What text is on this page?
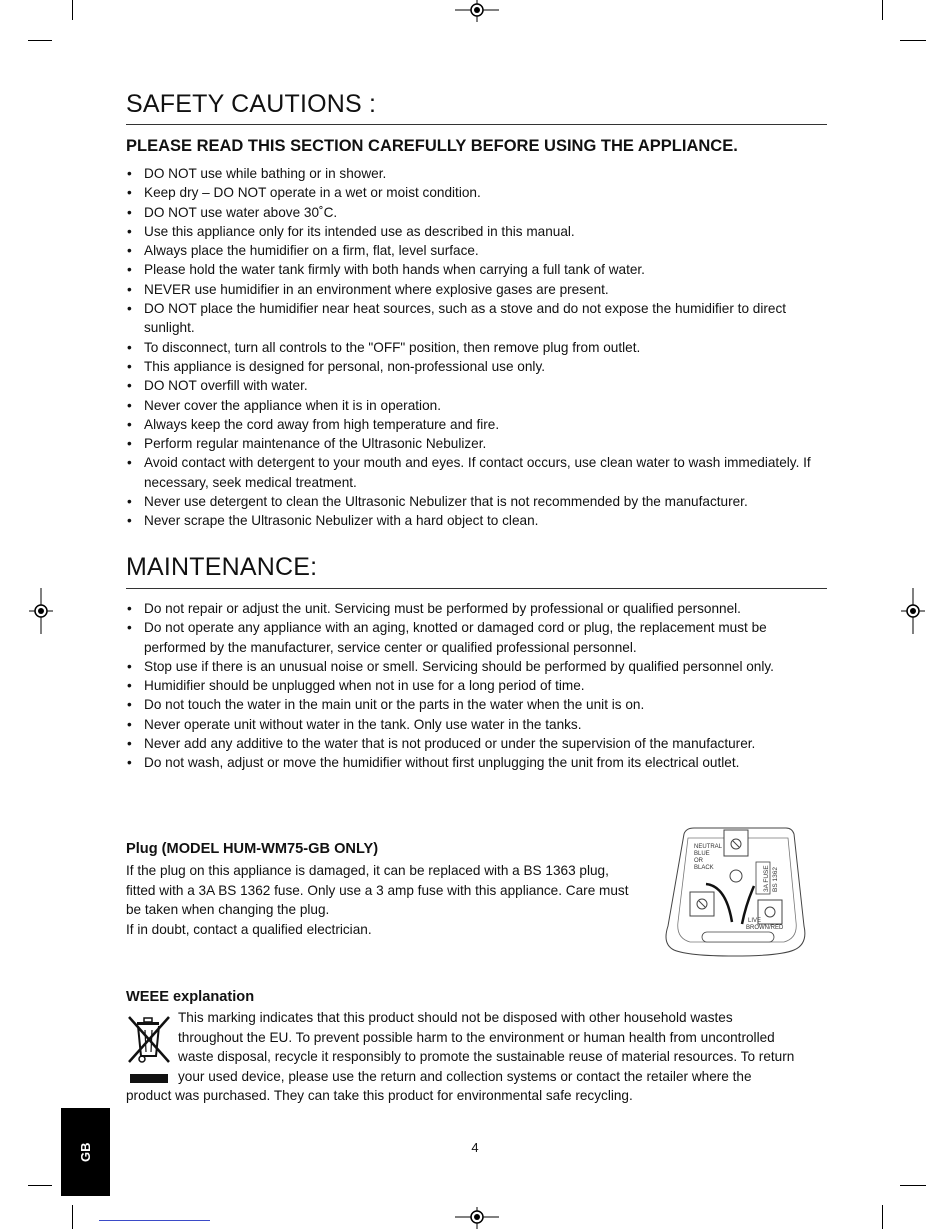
SAFETY CAUTIONS :
PLEASE READ THIS SECTION CAREFULLY BEFORE USING THE APPLIANCE.
• DO NOT use while bathing or in shower.
• Keep dry – DO NOT operate in a wet or moist condition.
• DO NOT use water above 30˚C.
• Use this appliance only for its intended use as described in this manual.
• Always place the humidifier on a firm, flat, level surface.
• Please hold the water tank firmly with both hands when carrying a full tank of water.
• NEVER use humidifier in an environment where explosive gases are present.
• DO NOT place the humidifier near heat sources, such as a stove and do not expose the humidifier to direct sunlight.
• To disconnect, turn all controls to the "OFF" position, then remove plug from outlet.
• This appliance is designed for personal, non-professional use only.
• DO NOT overfill with water.
• Never cover the appliance when it is in operation.
• Always keep the cord away from high temperature and fire.
• Perform regular maintenance of the Ultrasonic Nebulizer.
• Avoid contact with detergent to your mouth and eyes. If contact occurs, use clean water to wash immediately. If necessary, seek medical treatment.
• Never use detergent to clean the Ultrasonic Nebulizer that is not recommended by the manufacturer.
• Never scrape the Ultrasonic Nebulizer with a hard object to clean.
MAINTENANCE:
• Do not repair or adjust the unit. Servicing must be performed by professional or qualified personnel.
• Do not operate any appliance with an aging, knotted or damaged cord or plug, the replacement must be performed by the manufacturer, service center or qualified professional personnel.
• Stop use if there is an unusual noise or smell. Servicing should be performed by qualified personnel only.
• Humidifier should be unplugged when not in use for a long period of time.
• Do not touch the water in the main unit or the parts in the water when the unit is on.
• Never operate unit without water in the tank. Only use water in the tanks.
• Never add any additive to the water that is not produced or under the supervision of the manufacturer.
• Do not wash, adjust or move the humidifier without first unplugging the unit from its electrical outlet.
Plug (MODEL HUM-WM75-GB ONLY)
If the plug on this appliance is damaged, it can be replaced with a BS 1363 plug,
fitted with a 3A BS 1362 fuse. Only use a 3 amp fuse with this appliance. Care must
be taken when changing the plug.
If in doubt, contact a qualified electrician.
NEUTRAL
BLUE
OR
BLACK	3A FUSE BS 1362
LIVE
BROWN/RED
WEEE explanation
This marking indicates that this product should not be disposed with other household wastes
throughout the EU. To prevent possible harm to the environment or human health from uncontrolled
waste disposal, recycle it responsibly to promote the sustainable reuse of material resources. To return
your used device, please use the return and collection systems or contact the retailer where the
product was purchased. They can take this product for environmental safe recycling.
GB	4
